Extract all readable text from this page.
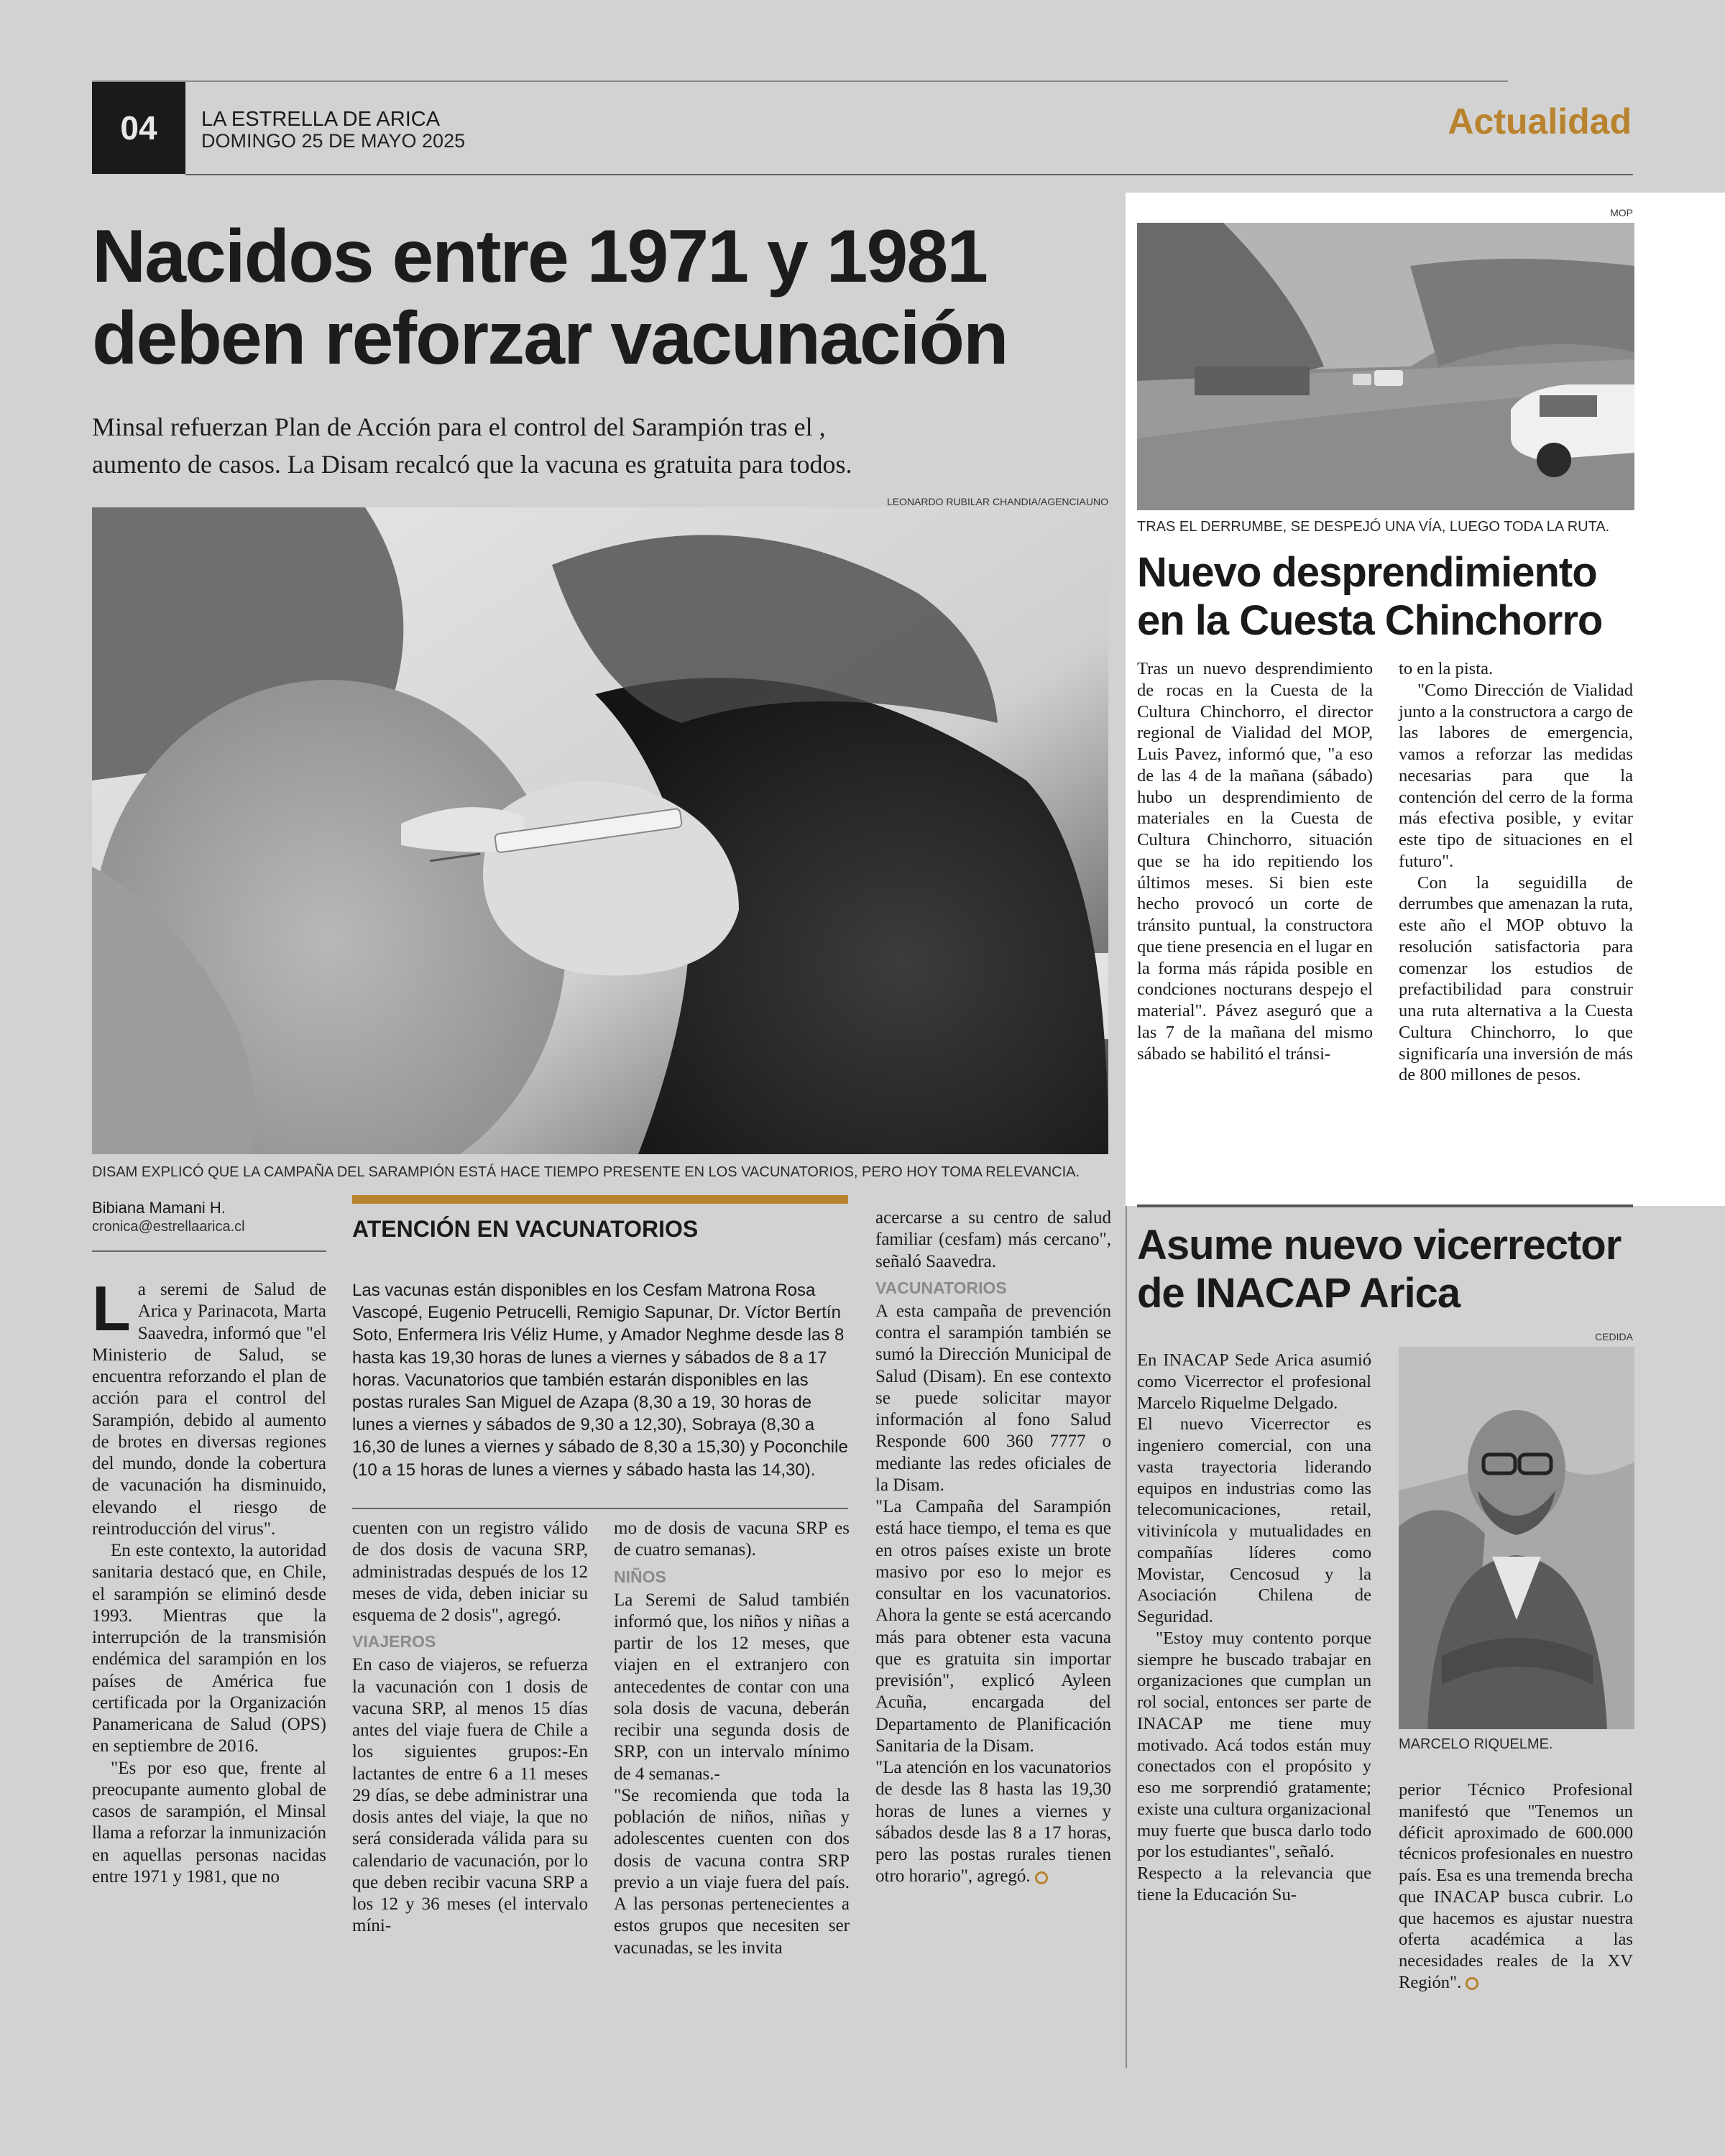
04	LA ESTRELLA DE ARICA
DOMINGO 25 DE MAYO 2025	Actualidad
Nacidos entre 1971 y 1981
deben reforzar vacunación
Minsal refuerzan Plan de Acción para el control del Sarampión tras el ,
aumento de casos. La Disam recalcó que la vacuna es gratuita para todos.
LEONARDO RUBILAR CHANDIA/AGENCIAUNO
DISAM EXPLICÓ QUE LA CAMPAÑA DEL SARAMPIÓN ESTÁ HACE TIEMPO PRESENTE EN LOS VACUNATORIOS, PERO HOY TOMA RELEVANCIA.
Bibiana Mamani H.
cronica@estrellaarica.cl

La seremi de Salud de Arica y Parinacota, Marta Saavedra, informó que "el Ministerio de Salud, se encuentra reforzando el plan de acción para el control del Sarampión, debido al aumento de brotes en diversas regiones del mundo, donde la cobertura de vacunación ha disminuido, elevando el riesgo de reintroducción del virus".

En este contexto, la autoridad sanitaria destacó que, en Chile, el sarampión se eliminó desde 1993. Mientras que la interrupción de la transmisión endémica del sarampión en los países de América fue certificada por la Organización Panamericana de Salud (OPS) en septiembre de 2016.

"Es por eso que, frente al preocupante aumento global de casos de sarampión, el Minsal llama a reforzar la inmunización en aquellas personas nacidas entre 1971 y 1981, que no

ATENCIÓN EN VACUNATORIOS
Las vacunas están disponibles en los Cesfam Matrona Rosa Vascopé, Eugenio Petrucelli, Remigio Sapunar, Dr. Víctor Bertín Soto, Enfermera Iris Véliz Hume, y Amador Neghme desde las 8 hasta kas 19,30 horas de lunes a viernes y sábados de 8 a 17 horas. Vacunatorios que también estarán disponibles en las postas rurales San Miguel de Azapa (8,30 a 19, 30 horas de lunes a viernes y sábados de 9,30 a 12,30), Sobraya (8,30 a 16,30 de lunes a viernes y sábado de 8,30 a 15,30) y Poconchile (10 a 15 horas de lunes a viernes y sábado hasta las 14,30).

cuenten con un registro válido de dos dosis de vacuna SRP, administradas después de los 12 meses de vida, deben iniciar su esquema de 2 dosis", agregó.

VIAJEROS

En caso de viajeros, se refuerza la vacunación con 1 dosis de vacuna SRP, al menos 15 días antes del viaje fuera de Chile a los siguientes grupos:-En lactantes de entre 6 a 11 meses 29 días, se debe administrar una dosis antes del viaje, la que no será considerada válida para su calendario de vacunación, por lo que deben recibir vacuna SRP a los 12 y 36 meses (el intervalo míni-

mo de dosis de vacuna SRP es de cuatro semanas).

NIÑOS

La Seremi de Salud también informó que, los niños y niñas a partir de los 12 meses, que viajen en el extranjero con antecedentes de contar con una sola dosis de vacuna, deberán recibir una segunda dosis de SRP, con un intervalo mínimo de 4 semanas.-

"Se recomienda que toda la población de niños, niñas y adolescentes cuenten con dos dosis de vacuna contra SRP previo a un viaje fuera del país. A las personas pertenecientes a estos grupos que necesiten ser vacunadas, se les invita

acercarse a su centro de salud familiar (cesfam) más cercano", señaló Saavedra.

VACUNATORIOS

A esta campaña de prevención contra el sarampión también se sumó la Dirección Municipal de Salud (Disam). En ese contexto se puede solicitar mayor información al fono Salud Responde 600 360 7777 o mediante las redes oficiales de la Disam.

"La Campaña del Sarampión está hace tiempo, el tema es que en otros países existe un brote masivo por eso lo mejor es consultar en los vacunatorios. Ahora la gente se está acercando más para obtener esta vacuna que es gratuita sin importar previsión", explicó Ayleen Acuña, encargada del Departamento de Planificación Sanitaria de la Disam.

"La atención en los vacunatorios de desde las 8 hasta las 19,30 horas de lunes a viernes y sábados desde las 8 a 17 horas, pero las postas rurales tienen otro horario", agregó.

MOP
TRAS EL DERRUMBE, SE DESPEJÓ UNA VÍA, LUEGO TODA LA RUTA.
Nuevo desprendimiento
en la Cuesta Chinchorro

Tras un nuevo desprendimiento de rocas en la Cuesta de la Cultura Chinchorro, el director regional de Vialidad del MOP, Luis Pavez, informó que, "a eso de las 4 de la mañana (sábado) hubo un desprendimiento de materiales en la Cuesta de Cultura Chinchorro, situación que se ha ido repitiendo los últimos meses. Si bien este hecho provocó un corte de tránsito puntual, la constructora que tiene presencia en el lugar en la forma más rápida posible en condciones nocturans despejo el material". Pávez aseguró que a las 7 de la mañana del mismo sábado se habilitó el tránsi-

to en la pista.

"Como Dirección de Vialidad junto a la constructora a cargo de las labores de emergencia, vamos a reforzar las medidas necesarias para que la contención del cerro de la forma más efectiva posible, y evitar este tipo de situaciones en el futuro".

Con la seguidilla de derrumbes que amenazan la ruta, este año el MOP obtuvo la resolución satisfactoria para comenzar los estudios de prefactibilidad para construir una ruta alternativa a la Cuesta Cultura Chinchorro, lo que significaría una inversión de más de 800 millones de pesos.

Asume nuevo vicerrector
de INACAP Arica
CEDIDA
MARCELO RIQUELME.

En INACAP Sede Arica asumió como Vicerrector el profesional Marcelo Riquelme Delgado.

El nuevo Vicerrector es ingeniero comercial, con una vasta trayectoria liderando equipos en industrias como las telecomunicaciones, retail, vitivinícola y mutualidades en compañías líderes como Movistar, Cencosud y la Asociación Chilena de Seguridad.

"Estoy muy contento porque siempre he buscado trabajar en organizaciones que cumplan un rol social, entonces ser parte de INACAP me tiene muy motivado. Acá todos están muy conectados con el propósito y eso me sorprendió gratamente; existe una cultura organizacional muy fuerte que busca darlo todo por los estudiantes", señaló.

Respecto a la relevancia que tiene la Educación Su-

perior Técnico Profesional manifestó que "Tenemos un déficit aproximado de 600.000 técnicos profesionales en nuestro país. Esa es una tremenda brecha que INACAP busca cubrir. Lo que hacemos es ajustar nuestra oferta académica a las necesidades reales de la XV Región".
